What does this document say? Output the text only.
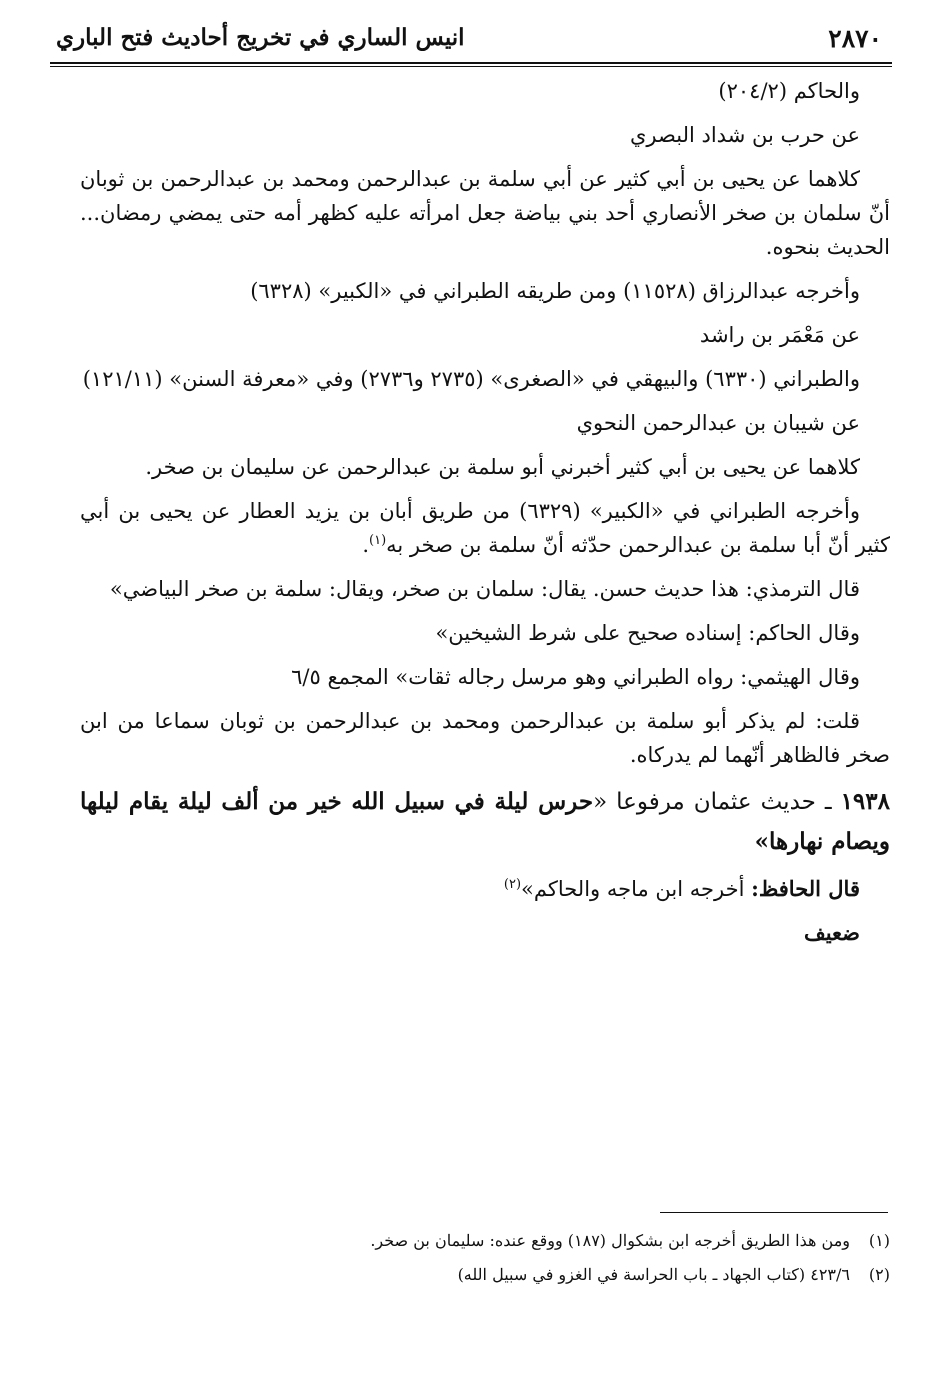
٢٨٧٠
انيس الساري في تخريج أحاديث فتح الباري

والحاكم (٢٠٤/٢)

عن حرب بن شداد البصري

كلاهما عن يحيى بن أبي كثير عن أبي سلمة بن عبدالرحمن ومحمد بن عبدالرحمن بن ثوبان أنّ سلمان بن صخر الأنصاري أحد بني بياضة جعل امرأته عليه كظهر أمه حتى يمضي رمضان... الحديث بنحوه.

وأخرجه عبدالرزاق (١١٥٢٨) ومن طريقه الطبراني في «الكبير» (٦٣٢٨)

عن مَعْمَر بن راشد

والطبراني (٦٣٣٠) والبيهقي في «الصغرى» (٢٧٣٥ و٢٧٣٦) وفي «معرفة السنن» (١٢١/١١)

عن شيبان بن عبدالرحمن النحوي

كلاهما عن يحيى بن أبي كثير أخبرني أبو سلمة بن عبدالرحمن عن سليمان بن صخر.

وأخرجه الطبراني في «الكبير» (٦٣٢٩) من طريق أبان بن يزيد العطار عن يحيى بن أبي كثير أنّ أبا سلمة بن عبدالرحمن حدّثه أنّ سلمة بن صخر به$^{(١)}$.

قال الترمذي: هذا حديث حسن. يقال: سلمان بن صخر، ويقال: سلمة بن صخر البياضي»

وقال الحاكم: إسناده صحيح على شرط الشيخين»

وقال الهيثمي: رواه الطبراني وهو مرسل رجاله ثقات» المجمع ٦/٥

قلت: لم يذكر أبو سلمة بن عبدالرحمن ومحمد بن عبدالرحمن بن ثوبان سماعا من ابن صخر فالظاهر أنّهما لم يدركاه.

١٩٣٨ ـ حديث عثمان مرفوعا «حرس ليلة في سبيل الله خير من ألف ليلة يقام ليلها ويصام نهارها»

قال الحافظ: أخرجه ابن ماجه والحاكم»$^{(٢)}$

ضعيف

(١)ومن هذا الطريق أخرجه ابن بشكوال (١٨٧) ووقع عنده: سليمان بن صخر.

(٢)٤٢٣/٦ (كتاب الجهاد ـ باب الحراسة في الغزو في سبيل الله)
